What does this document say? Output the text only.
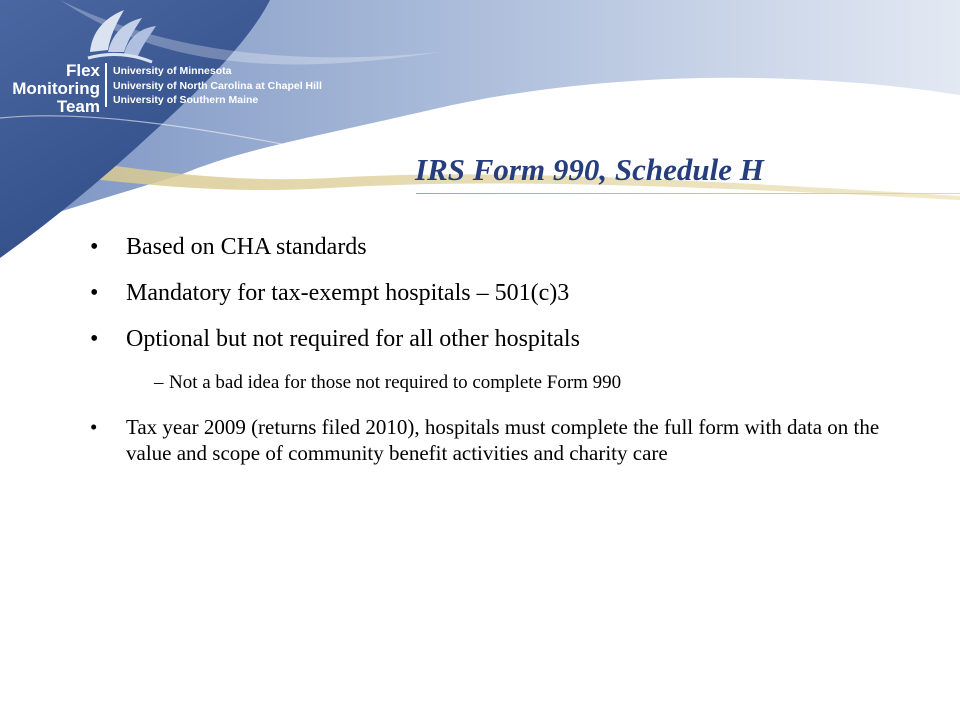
Flex
Monitoring
Team
University of Minnesota
University of North Carolina at Chapel Hill
University of Southern Maine
IRS Form 990, Schedule H
• Based on CHA standards
• Mandatory for tax-exempt hospitals – 501(c)3
• Optional but not required for all other hospitals
– Not a bad idea for those not required to complete Form 990
• Tax year 2009 (returns filed 2010), hospitals must complete the full form with data on the value and scope of community benefit activities and charity care
